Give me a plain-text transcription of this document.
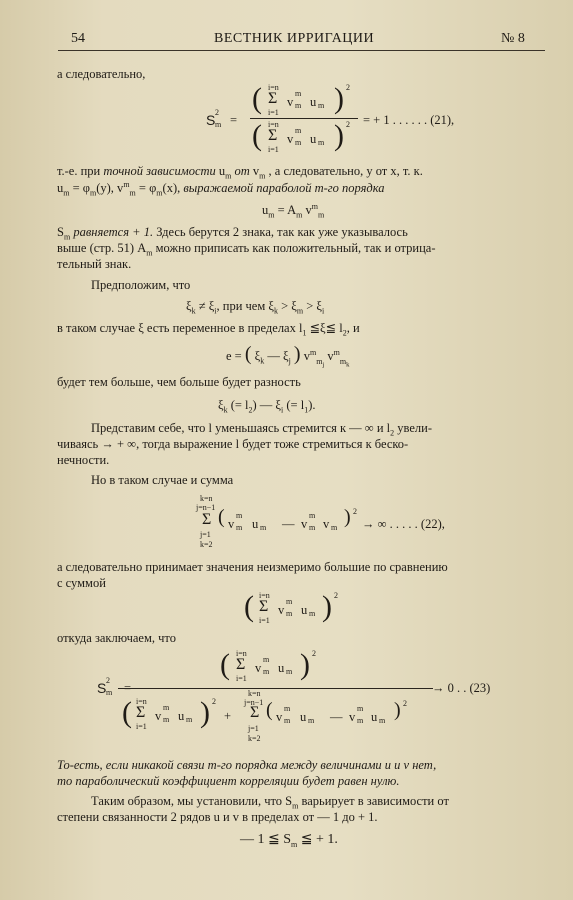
54	ВЕСТНИК ИРРИГАЦИИ	№ 8
а следовательно,
S 2
m =
( i=n
Σ
i=1
v
m
m u m ) 2
( i=n
Σ
i=1
v
m
m u m ) 2 = + 1 . . . . . . (21),
т.-е. при точной зависимости $u_m$ от $v_m$ , а следовательно, у от х, т. к.
$u_m = \varphi_m(y)$, $v^m_m = \varphi_m(x)$, выражаемой параболой m-го порядка
$u_m = A_m$ $v^m_m$
$S_m$ равняется + 1. Здесь берутся 2 знака, так как уже указывалось
выше (стр. 51) $A_m$ можно приписать как положительный, так и отрица-
тельный знак.
Предположим, что
$\xi_k \ne \xi_i$, при чем $\xi_k > \xi_m > \xi_i$
в таком случае ξ есть переменное в пределах $l_1$ ≦ξ≦ $l_2$, и
e = ( $\xi_k$ — $\xi_j$ ) $v^m_{m_j}$ $v^m_{m_k}$
будет тем больше, чем больше будет разность
$\xi_k$ (= $l_2$) — $\xi_i$ (= $l_1$).
Представим себе, что l уменьшаясь стремится к — ∞ и $l_2$ увели-
чиваясь → + ∞, тогда выражение l будет тоже стремиться к беско-
нечности.
Но в таком случае и сумма
k=n
j=n−1
Σ
j=1
k=2
( v
m
m u m — v
m
m v m ) 2
→ ∞ . . . . . (22),
а следовательно принимает значения неизмеримо большие по сравнению
с суммой
( i=n
Σ
i=1
v
m
m u m ) 2
откуда заключаем, что
S 2
m
( i=n
Σ
i=1
v
m
m u m ) 2
( i=n
Σ
i=1
v
m
m u m ) 2
+
k=n
j=n−1
Σ
j=1
k=2
( v
m
m u m — v
m
m u m ) 2
→ 0 . . (23)
То-есть, если никакой связи m-го порядка между величинами u и v нет,
то параболический коэффициент корреляции будет равен нулю.
Таким образом, мы установили, что $S_m$ варьирует в зависимости от
степени связанности 2 рядов u и v в пределах от — 1 до + 1.
— 1 ≦ $S_m$ ≦ + 1.
